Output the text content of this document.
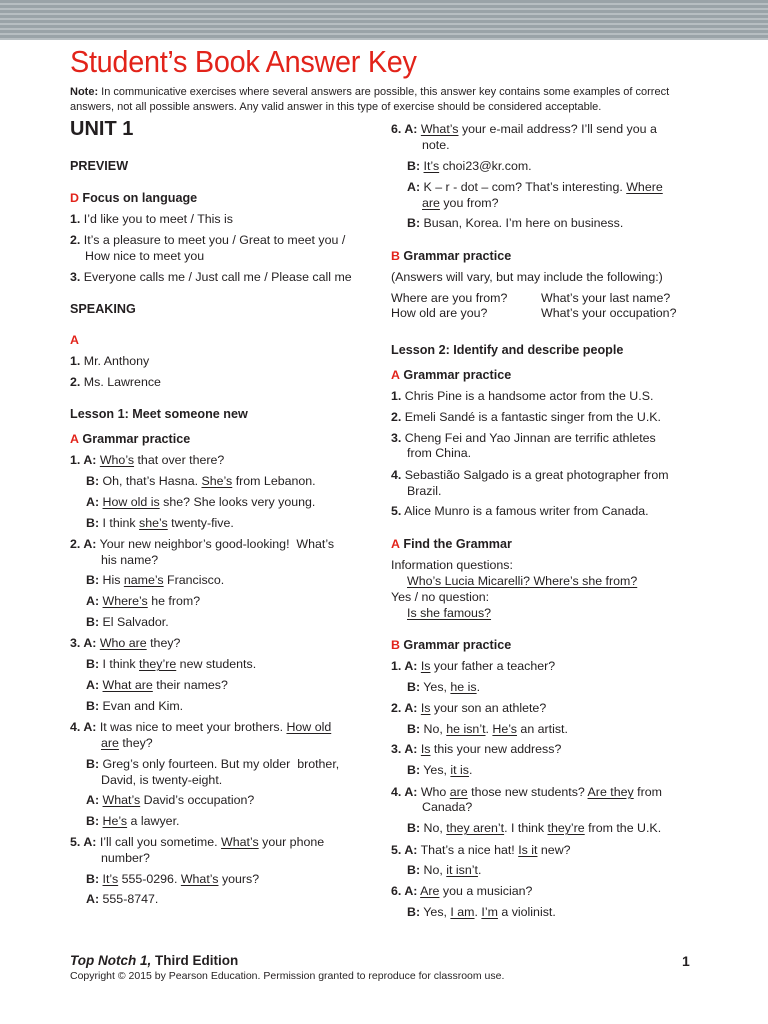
Student’s Book Answer Key
Note: In communicative exercises where several answers are possible, this answer key contains some examples of correct answers, not all possible answers. Any valid answer in this type of exercise should be considered acceptable.
UNIT 1
PREVIEW
D Focus on language
1. I’d like you to meet / This is
2. It’s a pleasure to meet you / Great to meet you /
How nice to meet you
3. Everyone calls me / Just call me / Please call me
SPEAKING
A
1. Mr. Anthony
2. Ms. Lawrence
Lesson 1: Meet someone new
A Grammar practice
1. A: Who’s that over there?
B: Oh, that’s Hasna. She’s from Lebanon.
A: How old is she? She looks very young.
B: I think she’s twenty-five.
2. A: Your new neighbor’s good-looking!  What’s
his name?
B: His name’s Francisco.
A: Where’s he from?
B: El Salvador.
3. A: Who are they?
B: I think they’re new students.
A: What are their names?
B: Evan and Kim.
4. A: It was nice to meet your brothers. How old
are they?
B: Greg’s only fourteen. But my older  brother,
David, is twenty-eight.
A: What’s David’s occupation?
B: He’s a lawyer.
5. A: I’ll call you sometime. What’s your phone
number?
B: It’s 555-0296. What’s yours?
A: 555-8747.
6. A: What’s your e-mail address? I’ll send you a
note.
B: It’s choi23@kr.com.
A: K – r - dot – com? That’s interesting. Where
are you from?
B: Busan, Korea. I’m here on business.
B Grammar practice
(Answers will vary, but may include the following:)
Where are you from?	What’s your last name?
How old are you?	What’s your occupation?
Lesson 2: Identify and describe people
A Grammar practice
1. Chris Pine is a handsome actor from the U.S.
2. Emeli Sandé is a fantastic singer from the U.K.
3. Cheng Fei and Yao Jinnan are terrific athletes
from China.
4. Sebastião Salgado is a great photographer from
Brazil.
5. Alice Munro is a famous writer from Canada.
A Find the Grammar
Information questions:
Who’s Lucia Micarelli? Where’s she from?
Yes / no question:
Is she famous?
B Grammar practice
1. A: Is your father a teacher?
B: Yes, he is.
2. A: Is your son an athlete?
B: No, he isn’t. He’s an artist.
3. A: Is this your new address?
B: Yes, it is.
4. A: Who are those new students? Are they from
Canada?
B: No, they aren’t. I think they’re from the U.K.
5. A: That’s a nice hat! Is it new?
B: No, it isn’t.
6. A: Are you a musician?
B: Yes, I am. I’m a violinist.
Top Notch 1, Third Edition
Copyright © 2015 by Pearson Education. Permission granted to reproduce for classroom use.
1
